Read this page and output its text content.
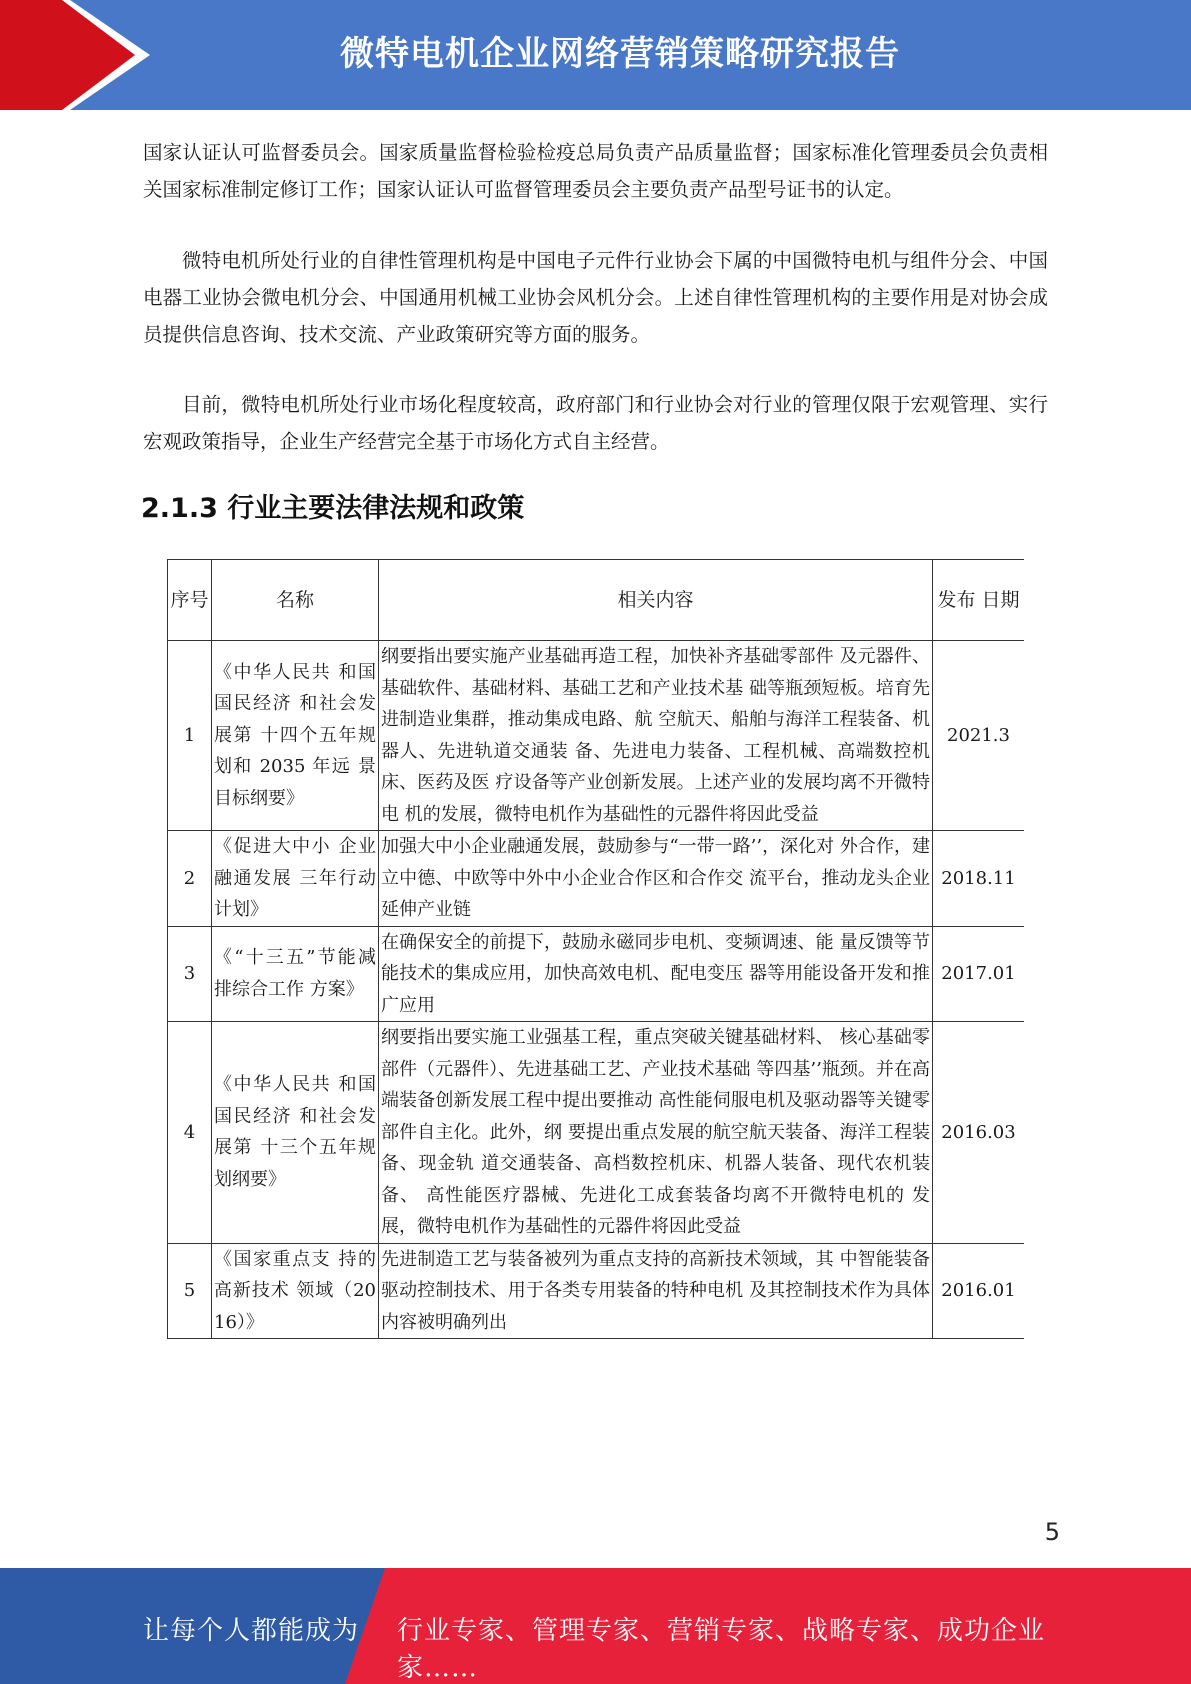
微特电机企业网络营销策略研究报告
国家认证认可监督委员会。国家质量监督检验检疫总局负责产品质量监督；国家标准化管理委员会负责相关国家标准制定修订工作；国家认证认可监督管理委员会主要负责产品型号证书的认定。
微特电机所处行业的自律性管理机构是中国电子元件行业协会下属的中国微特电机与组件分会、中国电器工业协会微电机分会、中国通用机械工业协会风机分会。上述自律性管理机构的主要作用是对协会成员提供信息咨询、技术交流、产业政策研究等方面的服务。
目前，微特电机所处行业市场化程度较高，政府部门和行业协会对行业的管理仅限于宏观管理、实行宏观政策指导，企业生产经营完全基于市场化方式自主经营。
2.1.3 行业主要法律法规和政策
序号	名称	相关内容	发布 日期
1	《中华人民共 和国国民经济 和社会发展第 十四个五年规 划和 2035 年远 景目标纲要》	纲要指出要实施产业基础再造工程，加快补齐基础零部件 及元器件、基础软件、基础材料、基础工艺和产业技术基 础等瓶颈短板。培育先进制造业集群，推动集成电路、航 空航天、船舶与海洋工程装备、机器人、先进轨道交通装 备、先进电力装备、工程机械、高端数控机床、医药及医 疗设备等产业创新发展。上述产业的发展均离不开微特电 机的发展，微特电机作为基础性的元器件将因此受益	2021.3
2	《促进大中小 企业融通发展 三年行动计划》	加强大中小企业融通发展，鼓励参与“一带一路’’，深化对 外合作，建立中德、中欧等中外中小企业合作区和合作交 流平台，推动龙头企业延伸产业链	2018.11
3	《“十三五”节能减排综合工作 方案》	在确保安全的前提下，鼓励永磁同步电机、变频调速、能 量反馈等节能技术的集成应用，加快高效电机、配电变压 器等用能设备开发和推广应用	2017.01
4	《中华人民共 和国国民经济 和社会发展第 十三个五年规 划纲要》	纲要指出要实施工业强基工程，重点突破关键基础材料、 核心基础零部件（元器件）、先进基础工艺、产业技术基础 等四基’’瓶颈。并在高端装备创新发展工程中提出要推动 高性能伺服电机及驱动器等关键零部件自主化。此外，纲 要提出重点发展的航空航天装备、海洋工程装备、现金轨 道交通装备、高档数控机床、机器人装备、现代农机装备、 高性能医疗器械、先进化工成套装备均离不开微特电机的 发展，微特电机作为基础性的元器件将因此受益	2016.03
5	《国家重点支 持的高新技术 领域（2016）》	先进制造工艺与装备被列为重点支持的高新技术领域，其 中智能装备驱动控制技术、用于各类专用装备的特种电机 及其控制技术作为具体内容被明确列出	2016.01
5
让每个人都能成为 行业专家、管理专家、营销专家、战略专家、成功企业家……
